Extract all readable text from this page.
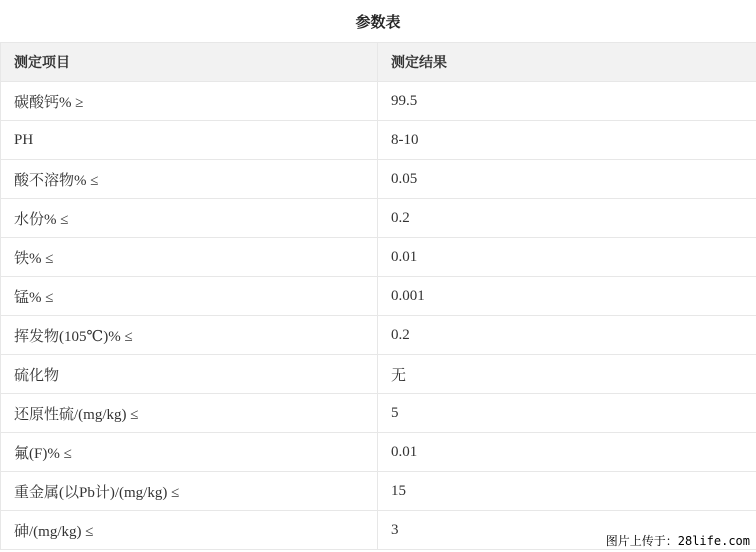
参数表
测定项目	测定结果
碳酸钙% ≥	99.5
PH	8-10
酸不溶物% ≤	0.05
水份% ≤	0.2
铁% ≤	0.01
锰% ≤	0.001
挥发物(105℃)% ≤	0.2
硫化物	无
还原性硫/(mg/kg) ≤	5
氟(F)% ≤	0.01
重金属(以Pb计)/(mg/kg) ≤	15
砷/(mg/kg) ≤	3
图片上传于：28life.com
